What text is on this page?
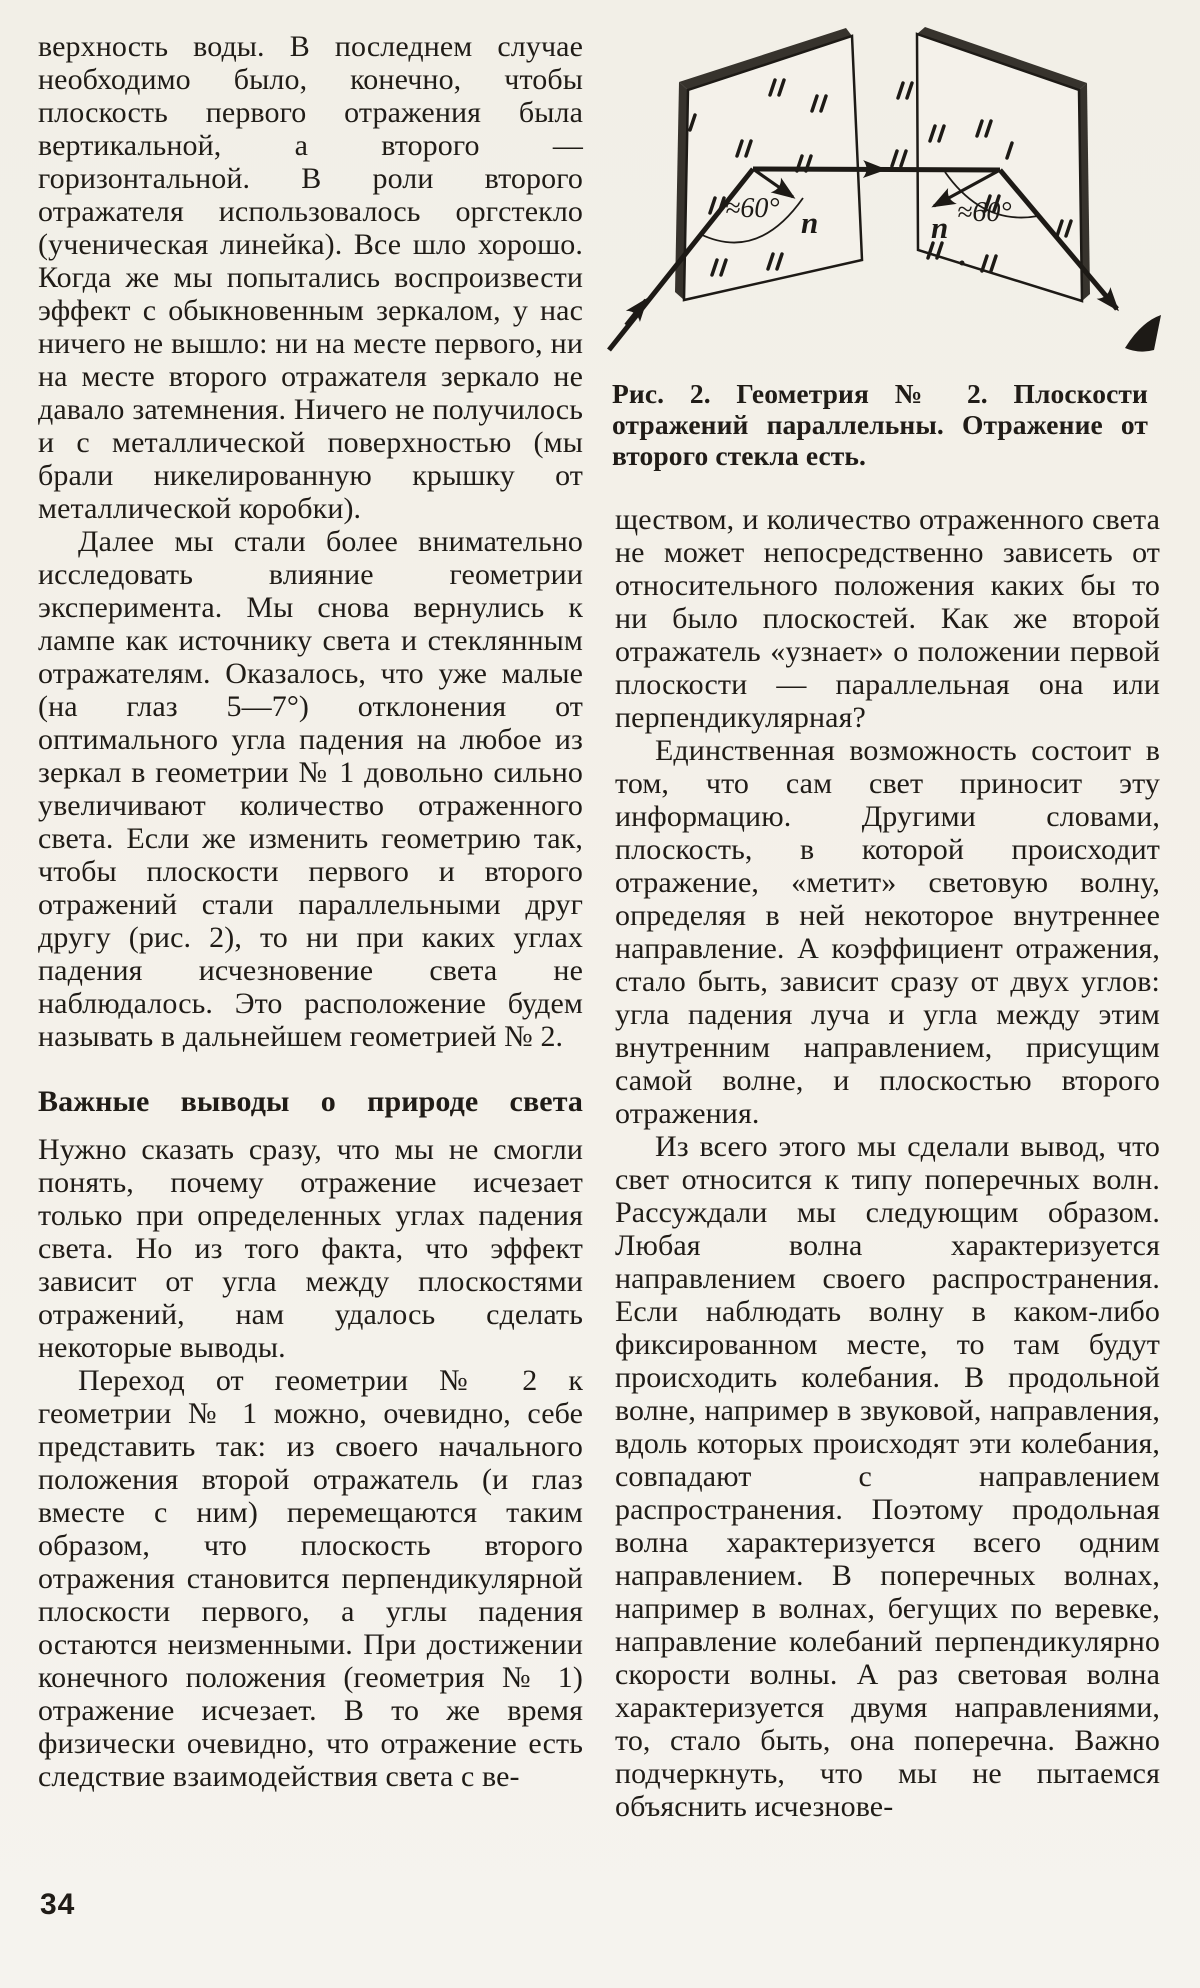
верхность воды. В последнем случае необходимо было, конечно, чтобы плоскость первого отражения была вертикальной, а второго — горизонтальной. В роли второго отражателя использовалось оргстекло (ученическая линейка). Все шло хорошо. Когда же мы попытались воспроизвести эффект с обыкновенным зеркалом, у нас ничего не вышло: ни на месте первого, ни на месте второго отражателя зеркало не давало затемнения. Ничего не получилось и с металлической поверхностью (мы брали никелированную крышку от металлической коробки).

Далее мы стали более внимательно исследовать влияние геометрии эксперимента. Мы снова вернулись к лампе как источнику света и стеклянным отражателям. Оказалось, что уже малые (на глаз 5—7°) отклонения от оптимального угла падения на любое из зеркал в геометрии № 1 довольно сильно увеличивают количество отраженного света. Если же изменить геометрию так, чтобы плоскости первого и второго отражений стали параллельными друг другу (рис. 2), то ни при каких углах падения исчезновение света не наблюдалось. Это расположение будем называть в дальнейшем геометрией № 2.

Важные выводы о природе света

Нужно сказать сразу, что мы не смогли понять, почему отражение исчезает только при определенных углах падения света. Но из того факта, что эффект зависит от угла между плоскостями отражений, нам удалось сделать некоторые выводы.

Переход от геометрии № 2 к геометрии № 1 можно, очевидно, себе представить так: из своего начального положения второй отражатель (и глаз вместе с ним) перемещаются таким образом, что плоскость второго отражения становится перпендикулярной плоскости первого, а углы падения остаются неизменными. При достижении конечного положения (геометрия № 1) отражение исчезает. В то же время физически очевидно, что отражение есть следствие взаимодействия света с ве-

≈60°	≈60°
n	n
Рис. 2. Геометрия № 2. Плоскости отражений параллельны. Отражение от второго стекла есть.

ществом, и количество отраженного света не может непосредственно зависеть от относительного положения каких бы то ни было плоскостей. Как же второй отражатель «узнает» о положении первой плоскости — параллельная она или перпендикулярная?

Единственная возможность состоит в том, что сам свет приносит эту информацию. Другими словами, плоскость, в которой происходит отражение, «метит» световую волну, определяя в ней некоторое внутреннее направление. А коэффициент отражения, стало быть, зависит сразу от двух углов: угла падения луча и угла между этим внутренним направлением, присущим самой волне, и плоскостью второго отражения.

Из всего этого мы сделали вывод, что свет относится к типу поперечных волн. Рассуждали мы следующим образом. Любая волна характеризуется направлением своего распространения. Если наблюдать волну в каком-либо фиксированном месте, то там будут происходить колебания. В продольной волне, например в звуковой, направления, вдоль которых происходят эти колебания, совпадают с направлением распространения. Поэтому продольная волна характеризуется всего одним направлением. В поперечных волнах, например в волнах, бегущих по веревке, направление колебаний перпендикулярно скорости волны. А раз световая волна характеризуется двумя направлениями, то, стало быть, она поперечна. Важно подчеркнуть, что мы не пытаемся объяснить исчезнове-

34
